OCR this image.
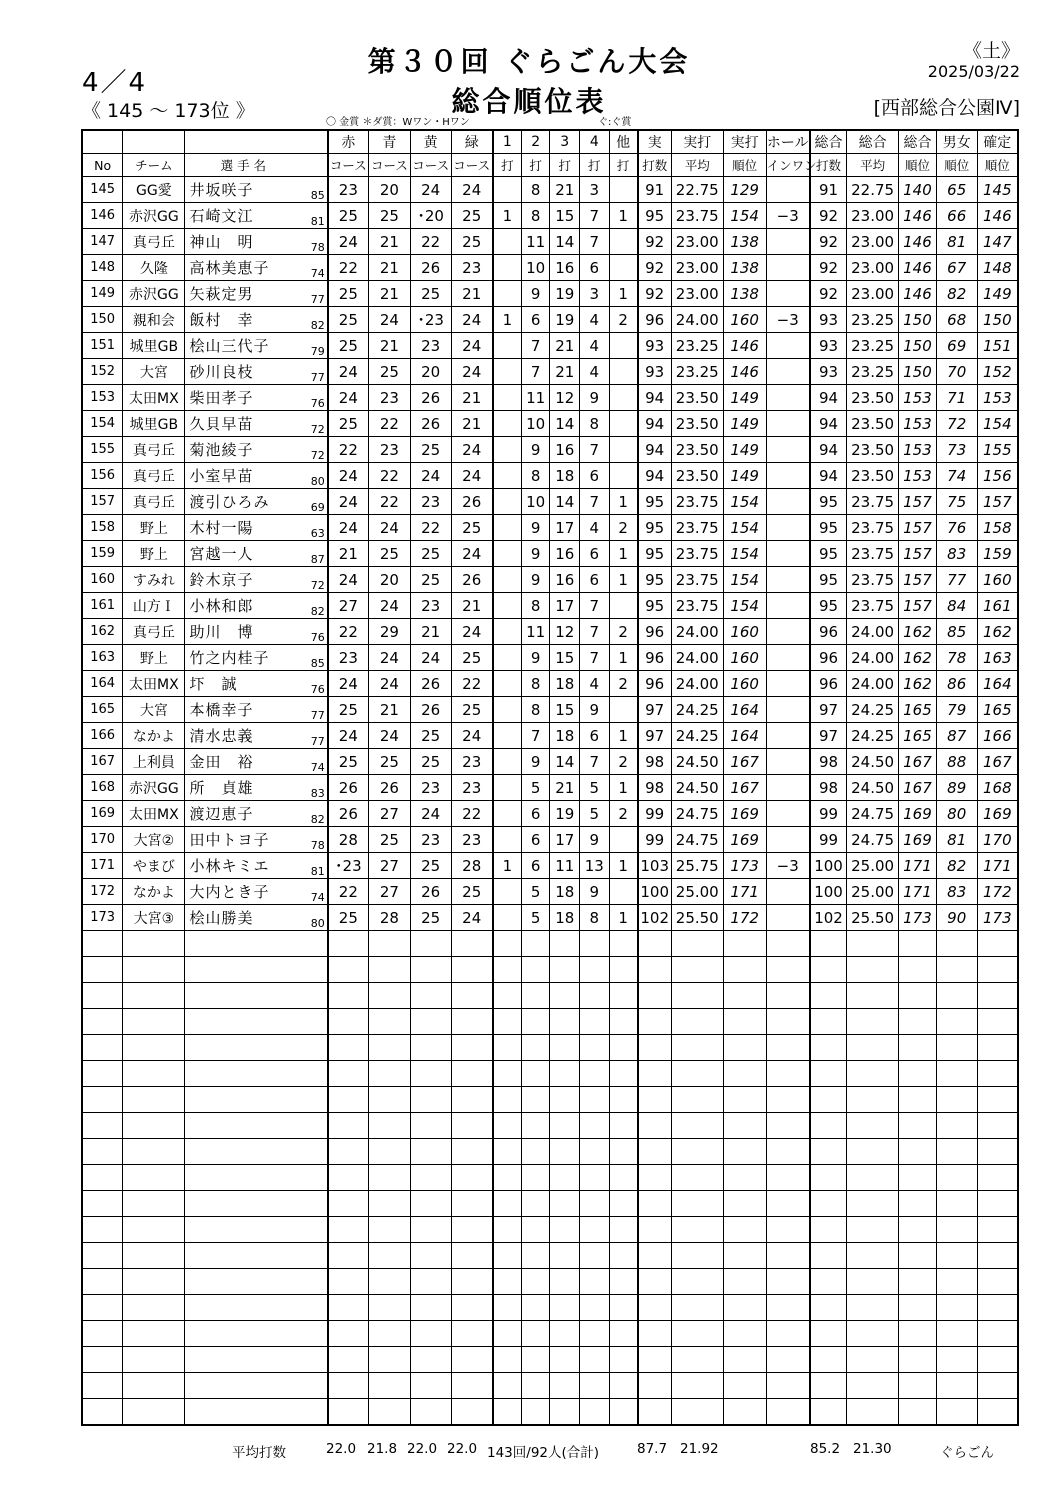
4／4
《 145 ～ 173位 》
第３０回 ぐらごん大会
総合順位表
《土》
2025/03/22
[西部総合公園Ⅳ]
〇 金賞 ＊ダ賞：Wワン・Hワン	ぐ:ぐ賞
				赤	青	黄	緑	1	2	3	4	他	実	実打	実打	ホール	総合	総合	総合	男女	確定
No	チーム	選 手 名		コース	コース	コース	コース	打	打	打	打	打	打数	平均	順位	インワン	打数	平均	順位	順位	順位
145	GG愛	井坂咲子	85	23	20	24	24		8	21	3		91	22.75	129		91	22.75	140	65	145
146	赤沢GG	石崎文江	81	25	25	･20	25	1	8	15	7	1	95	23.75	154	−3	92	23.00	146	66	146
147	真弓丘	神山　明	78	24	21	22	25		11	14	7		92	23.00	138		92	23.00	146	81	147
148	久隆	高林美恵子	74	22	21	26	23		10	16	6		92	23.00	138		92	23.00	146	67	148
149	赤沢GG	矢萩定男	77	25	21	25	21		9	19	3	1	92	23.00	138		92	23.00	146	82	149
150	親和会	飯村　幸	82	25	24	･23	24	1	6	19	4	2	96	24.00	160	−3	93	23.25	150	68	150
151	城里GB	桧山三代子	79	25	21	23	24		7	21	4		93	23.25	146		93	23.25	150	69	151
152	大宮	砂川良枝	77	24	25	20	24		7	21	4		93	23.25	146		93	23.25	150	70	152
153	太田MX	柴田孝子	76	24	23	26	21		11	12	9		94	23.50	149		94	23.50	153	71	153
154	城里GB	久貝早苗	72	25	22	26	21		10	14	8		94	23.50	149		94	23.50	153	72	154
155	真弓丘	菊池綾子	72	22	23	25	24		9	16	7		94	23.50	149		94	23.50	153	73	155
156	真弓丘	小室早苗	80	24	22	24	24		8	18	6		94	23.50	149		94	23.50	153	74	156
157	真弓丘	渡引ひろみ	69	24	22	23	26		10	14	7	1	95	23.75	154		95	23.75	157	75	157
158	野上	木村一陽	63	24	24	22	25		9	17	4	2	95	23.75	154		95	23.75	157	76	158
159	野上	宮越一人	87	21	25	25	24		9	16	6	1	95	23.75	154		95	23.75	157	83	159
160	すみれ	鈴木京子	72	24	20	25	26		9	16	6	1	95	23.75	154		95	23.75	157	77	160
161	山方Ｉ	小林和郎	82	27	24	23	21		8	17	7		95	23.75	154		95	23.75	157	84	161
162	真弓丘	助川　博	76	22	29	21	24		11	12	7	2	96	24.00	160		96	24.00	162	85	162
163	野上	竹之内桂子	85	23	24	24	25		9	15	7	1	96	24.00	160		96	24.00	162	78	163
164	太田MX	圷　誠	76	24	24	26	22		8	18	4	2	96	24.00	160		96	24.00	162	86	164
165	大宮	本橋幸子	77	25	21	26	25		8	15	9		97	24.25	164		97	24.25	165	79	165
166	なかよ	清水忠義	77	24	24	25	24		7	18	6	1	97	24.25	164		97	24.25	165	87	166
167	上利員	金田　裕	74	25	25	25	23		9	14	7	2	98	24.50	167		98	24.50	167	88	167
168	赤沢GG	所　貞雄	83	26	26	23	23		5	21	5	1	98	24.50	167		98	24.50	167	89	168
169	太田MX	渡辺恵子	82	26	27	24	22		6	19	5	2	99	24.75	169		99	24.75	169	80	169
170	大宮②	田中トヨ子	78	28	25	23	23		6	17	9		99	24.75	169		99	24.75	169	81	170
171	やまび	小林キミエ	81	･23	27	25	28	1	6	11	13	1	103	25.75	173	−3	100	25.00	171	82	171
172	なかよ	大内とき子	74	22	27	26	25		5	18	9		100	25.00	171		100	25.00	171	83	172
173	大宮③	桧山勝美	80	25	28	25	24		5	18	8	1	102	25.50	172		102	25.50	173	90	173

平均打数	22.0 21.8 22.0 22.0 143回/92人(合計)	87.7 21.92	85.2 21.30	ぐらごん
